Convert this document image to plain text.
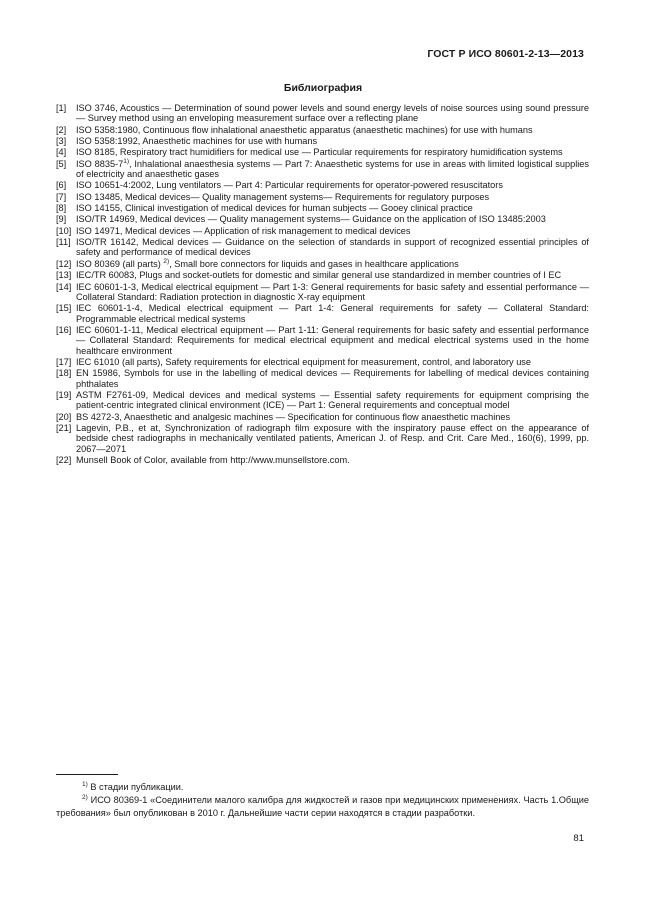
ГОСТ Р ИСО 80601-2-13—2013
Библиография
[1]	ISO 3746, Acoustics — Determination of sound power levels and sound energy levels of noise sources using sound pressure — Survey method using an enveloping measurement surface over a reflecting plane
[2]	ISO 5358:1980, Continuous flow inhalational anaesthetic apparatus (anaesthetic machines) for use with humans
[3]	ISO 5358:1992, Anaesthetic machines for use with humans
[4]	ISO 8185, Respiratory tract humidifiers for medical use — Particular requirements for respiratory humidification systems
[5]	ISO 8835-7$^{1)}$, Inhalational anaesthesia systems — Part 7: Anaesthetic systems for use in areas with limited logistical supplies of electricity and anaesthetic gases
[6]	ISO 10651-4:2002, Lung ventilators — Part 4: Particular requirements for operator-powered resuscitators
[7]	ISO 13485, Medical devices— Quality management systems— Requirements for regulatory purposes
[8]	ISO 14155, Clinical investigation of medical devices for human subjects — Gooey clinical practice
[9]	ISO/TR 14969, Medical devices — Quality management systems— Guidance on the application of ISO 13485:2003
[10] ISO 14971, Medical devices — Application of risk management to medical devices
[11] ISO/TR 16142, Medical devices — Guidance on the selection of standards in support of recognized essential principles of safety and performance of medical devices
[12] ISO 80369 (all parts) $^{2)}$, Small bore connectors for liquids and gases in healthcare applications
[13] IEC/TR 60083, Plugs and socket-outlets for domestic and similar general use standardized in member countries of I EC
[14] IEC 60601-1-3, Medical electrical equipment — Part 1-3: General requirements for basic safety and essential performance — Collateral Standard: Radiation protection in diagnostic X-ray equipment
[15] IEC 60601-1-4, Medical electrical equipment — Part 1-4: General requirements for safety — Collateral Standard: Programmable electrical medical systems
[16] IEC 60601-1-11, Medical electrical equipment — Part 1-11: General requirements for basic safety and essential performance — Collateral Standard: Requirements for medical electrical equipment and medical electrical systems used in the home healthcare environment
[17] IEC 61010 (all parts), Safety requirements for electrical equipment for measurement, control, and laboratory use
[18] EN 15986, Symbols for use in the labelling of medical devices — Requirements for labelling of medical devices containing phthalates
[19] ASTM F2761-09, Medical devices and medical systems — Essential safety requirements for equipment comprising the patient-centric integrated clinical environment (ICE) — Part 1: General requirements and conceptual model
[20] BS 4272-3, Anaesthetic and analgesic machines — Specification for continuous flow anaesthetic machines
[21] Lagevin, P.B., et at, Synchronization of radiograph film exposure with the inspiratory pause effect on the appearance of bedside chest radiographs in mechanically ventilated patients, American J. of Resp. and Crit. Care Med., 160(6), 1999, pp. 2067—2071
[22] Munsell Book of Color, available from http://www.munsellstore.com.
$^{1)}$ В стадии публикации.
$^{2)}$ ИСО 80369-1 «Соединители малого калибра для жидкостей и газов при медицинских применениях. Часть 1.Общие требования» был опубликован в 2010 г. Дальнейшие части серии находятся в стадии разработки.
81
